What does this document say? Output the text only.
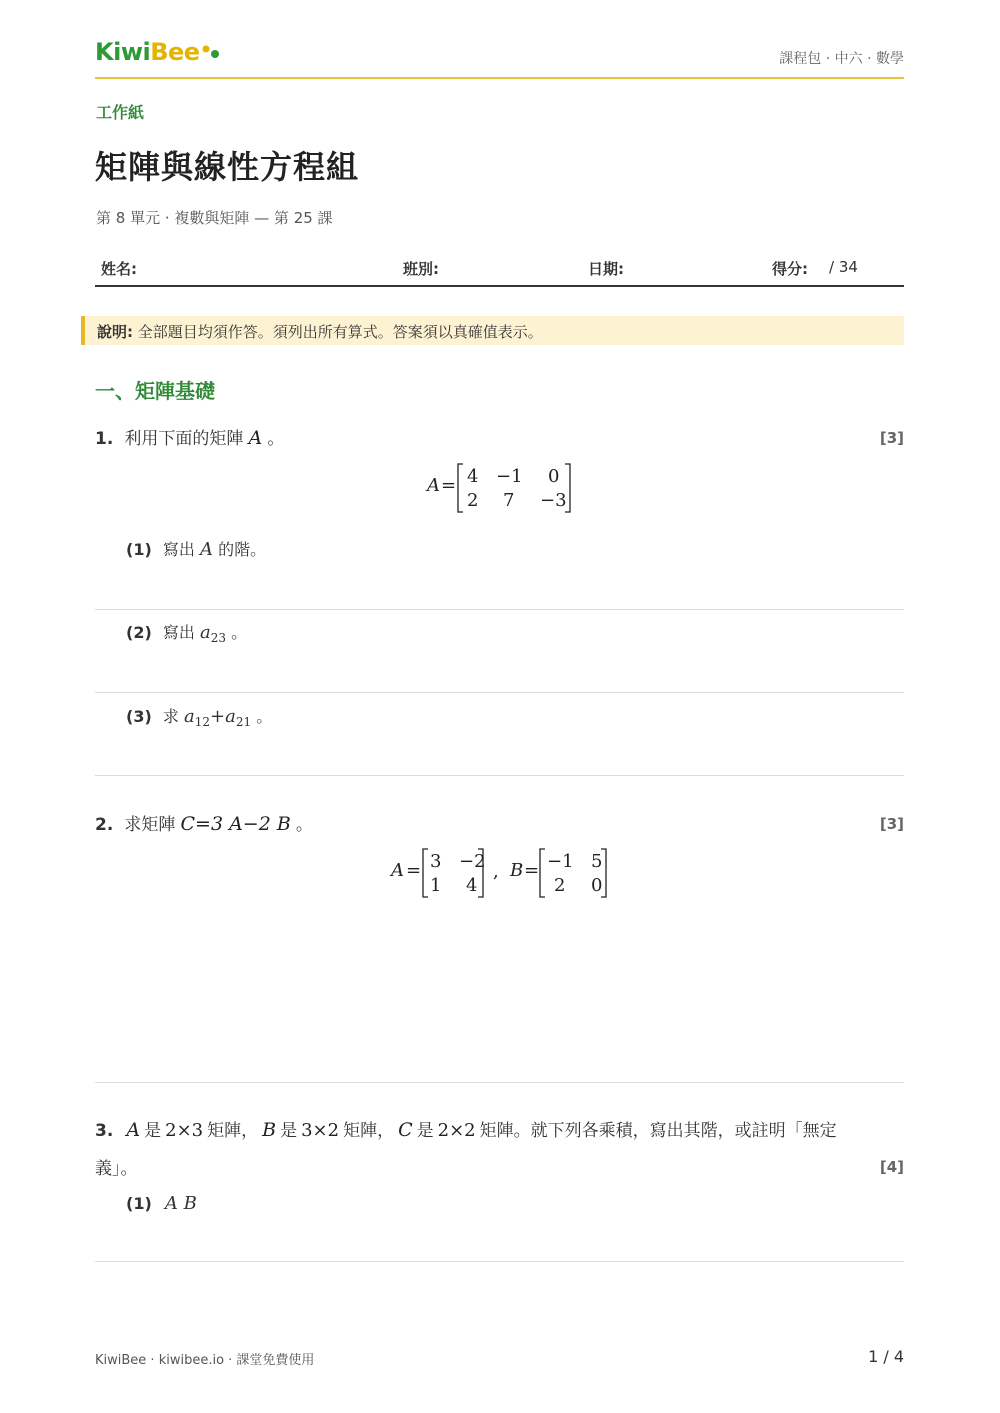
KiwiBee	課程包 · 中六 · 數學
工作紙
矩陣與線性方程組
第 8 單元 · 複數與矩陣 — 第 25 課
姓名:	班別:	日期:	得分: / 34
說明: 全部題目均須作答。須列出所有算式。答案須以真確值表示。
一、矩陣基礎
1. 利用下面的矩陣 A 。	[3]
A = 4 −1 0
2 7 −3
(1) 寫出 A 的階。
(2) 寫出 $a_{23}$ 。
(3) 求 $a_{12}+a_{21}$ 。
2. 求矩陣 C=3 A−2 B 。	[3]
A = 3 −2
1 4
, B = −1 5
2 0
3. A 是 2×3 矩陣， B 是 3×2 矩陣， C 是 2×2 矩陣。就下列各乘積，寫出其階，或註明「無定
義」。	[4]
(1) A B
KiwiBee · kiwibee.io · 課堂免費使用	1 / 4
